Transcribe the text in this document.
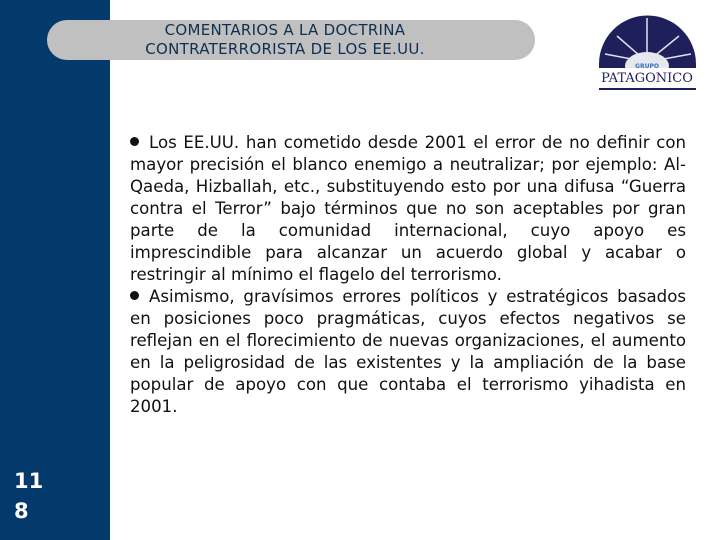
COMENTARIOS A LA DOCTRINA
CONTRATERRORISTA DE LOS EE.UU.
GRUPO
PATAGONICO

Los EE.UU. han cometido desde 2001 el error de no definir con mayor precisión el blanco enemigo a neutralizar; por ejemplo: Al-Qaeda, Hizballah, etc., substituyendo esto por una difusa “Guerra contra el Terror” bajo términos que no son aceptables por gran parte de la comunidad internacional, cuyo apoyo es imprescindible para alcanzar un acuerdo global y acabar o restringir al mínimo el flagelo del terrorismo.

Asimismo, gravísimos errores políticos y estratégicos basados en posiciones poco pragmáticas, cuyos efectos negativos se reflejan en el florecimiento de nuevas organizaciones, el aumento en la peligrosidad de las existentes y la ampliación de la base popular de apoyo con que contaba el terrorismo yihadista en 2001.

11
8
